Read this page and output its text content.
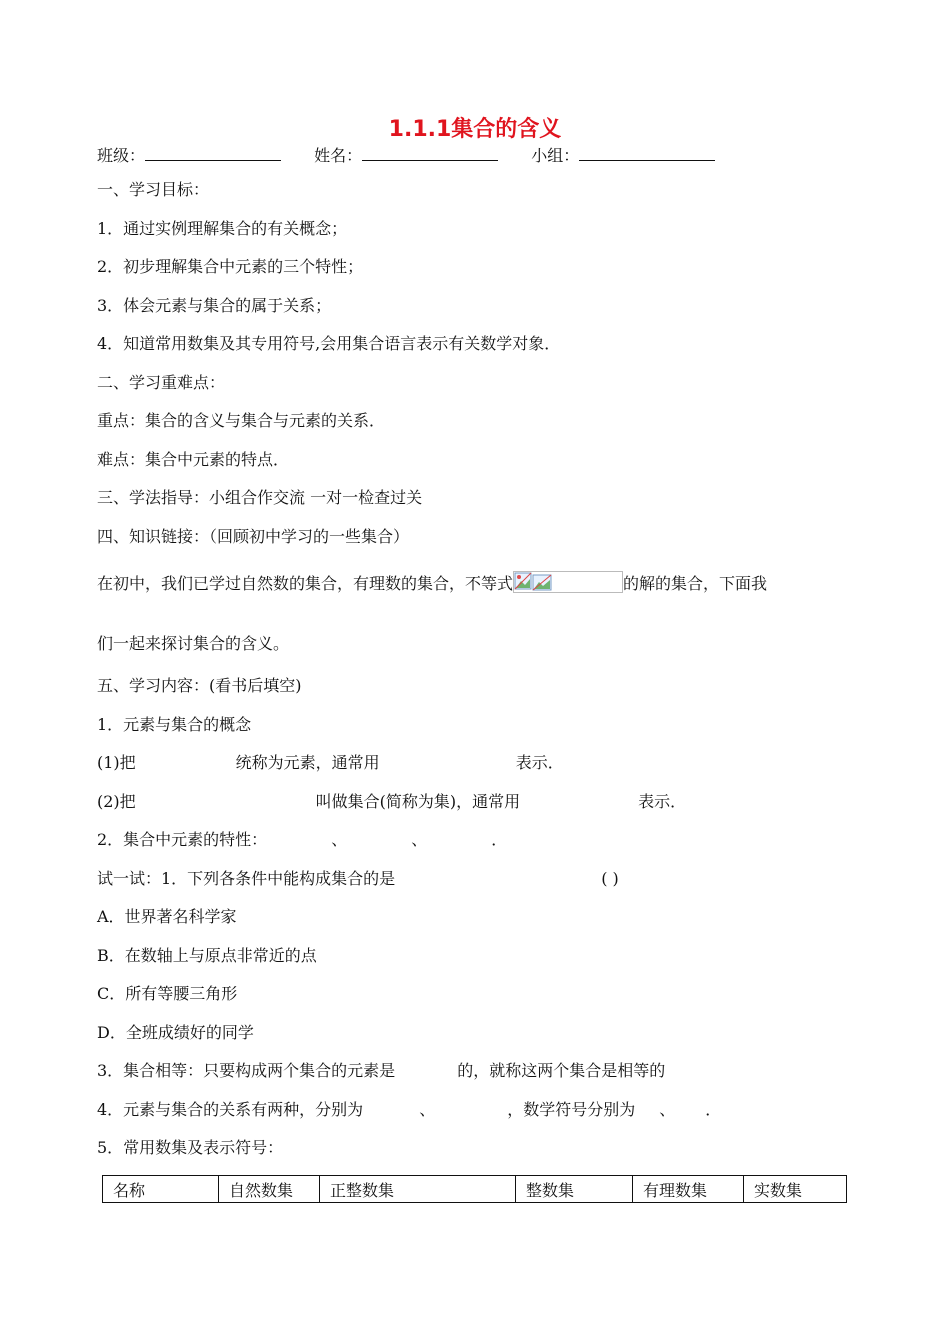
1.1.1集合的含义
班级：	姓名：	小组：
一、学习目标：
1．通过实例理解集合的有关概念；
2．初步理解集合中元素的三个特性；
3．体会元素与集合的属于关系；
4．知道常用数集及其专用符号,会用集合语言表示有关数学对象．
二、学习重难点：
重点：集合的含义与集合与元素的关系．
难点：集合中元素的特点．
三、学法指导：小组合作交流 一对一检查过关
四、知识链接：（回顾初中学习的一些集合）
在初中，我们已学过自然数的集合，有理数的集合，不等式	的解的集合，下面我
们一起来探讨集合的含义。
五、学习内容：(看书后填空)
1．元素与集合的概念
(1)把	统称为元素，通常用	表示．
(2)把	叫做集合(简称为集)，通常用	表示．
2．集合中元素的特性：	、	、	．
试一试：1．下列各条件中能构成集合的是	( )
A．世界著名科学家
B．在数轴上与原点非常近的点
C．所有等腰三角形
D．全班成绩好的同学
3．集合相等：只要构成两个集合的元素是	的，就称这两个集合是相等的
4．元素与集合的关系有两种，分别为	、	，数学符号分别为 、 ．
5．常用数集及表示符号：
名称	自然数集	正整数集	整数集	有理数集	实数集
